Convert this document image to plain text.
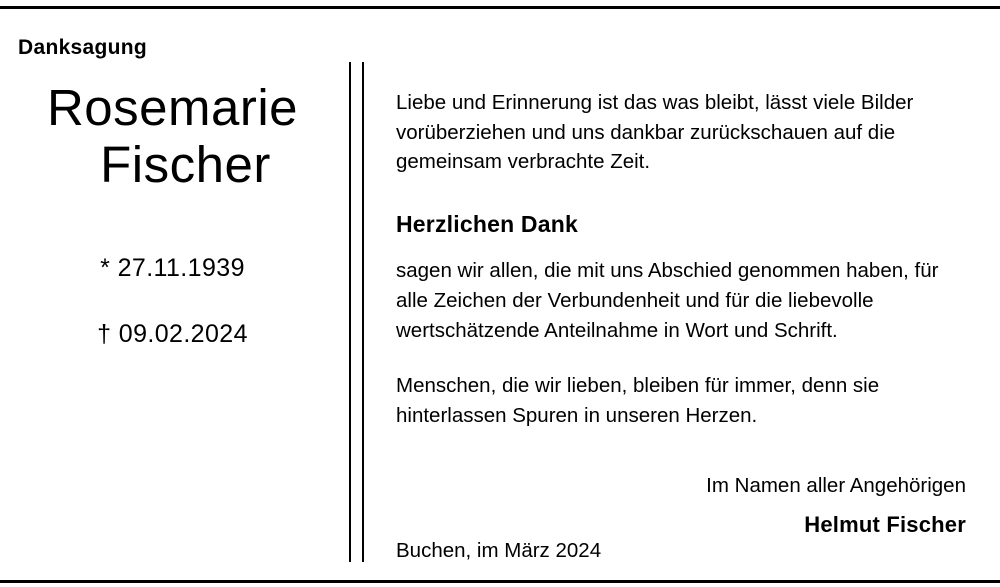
Danksagung
Rosemarie
Fischer
* 27.11.1939
† 09.02.2024

Liebe und Erinnerung ist das was bleibt, lässt viele Bilder vorüberziehen und uns dankbar zurückschauen auf die gemeinsam verbrachte Zeit.

Herzlichen Dank

sagen wir allen, die mit uns Abschied genommen haben, für alle Zeichen der Verbundenheit und für die liebevolle wertschätzende Anteilnahme in Wort und Schrift.

Menschen, die wir lieben, bleiben für immer, denn sie hinterlassen Spuren in unseren Herzen.

Im Namen aller Angehörigen
Helmut Fischer
Buchen, im März 2024
